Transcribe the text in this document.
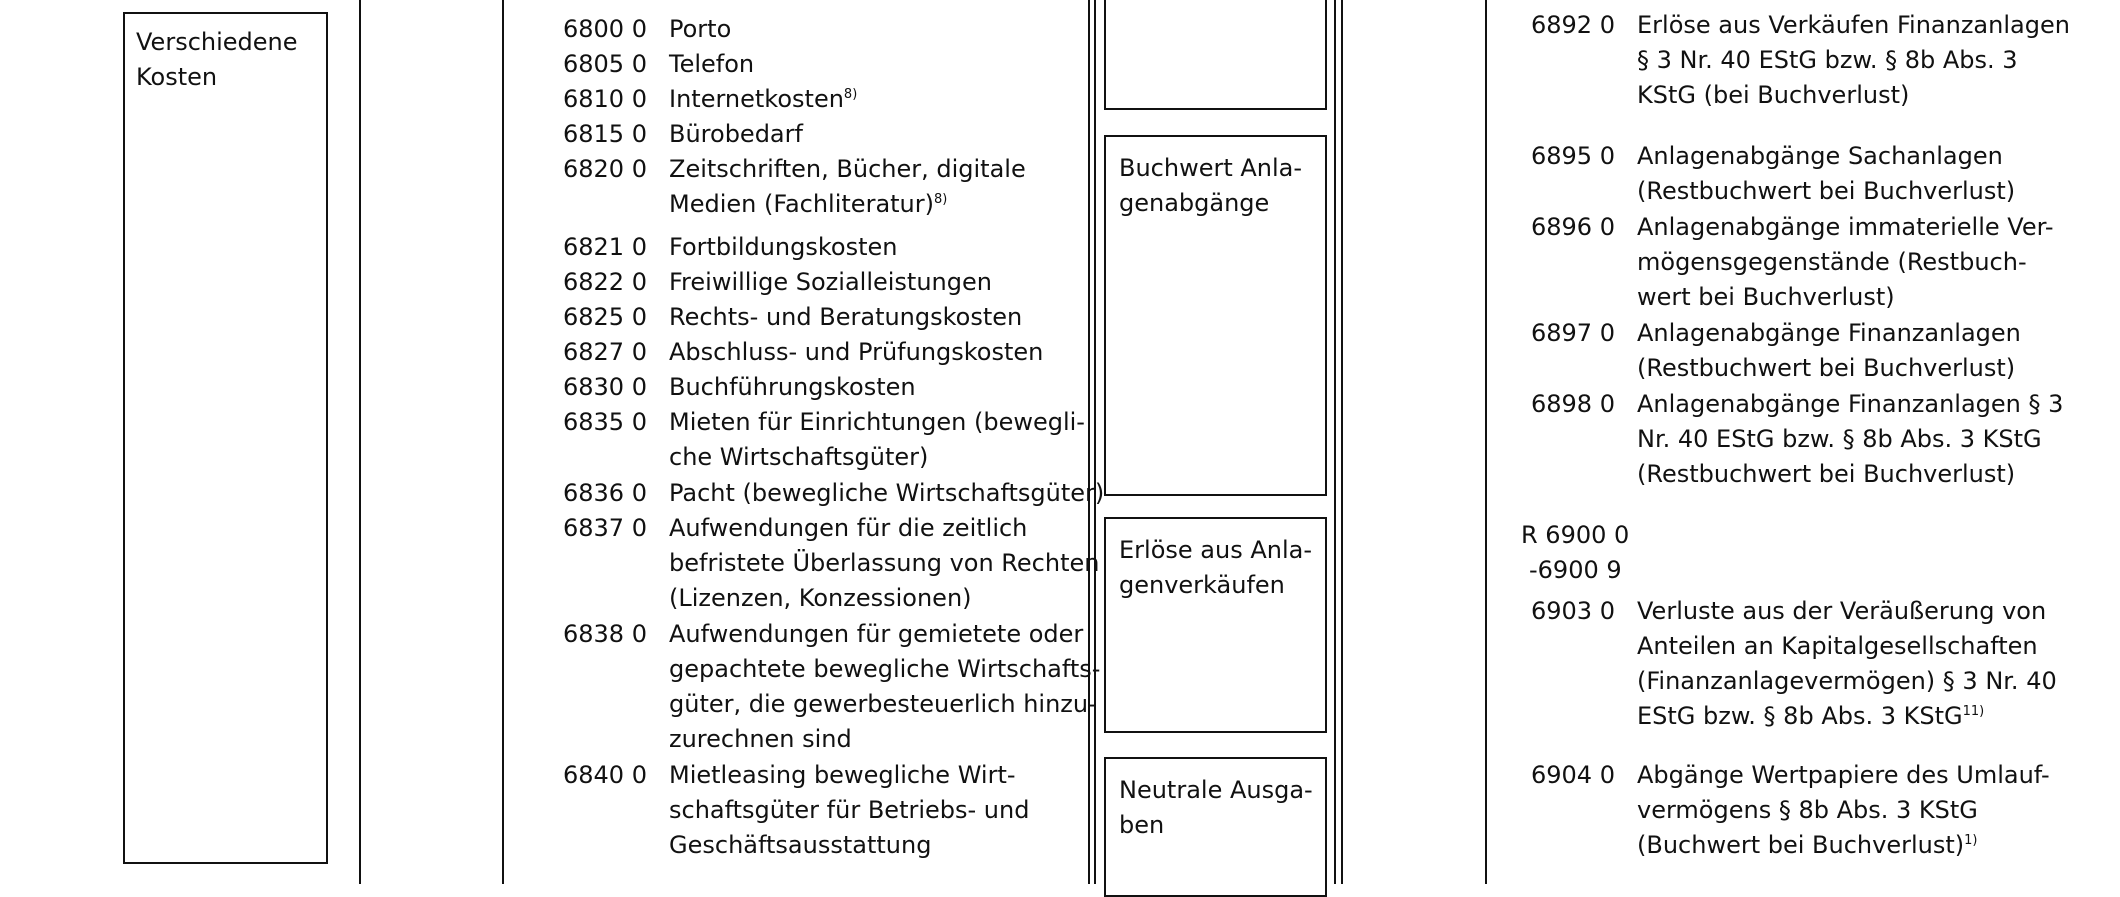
Verschiedene
Kosten
Buchwert Anla-
genabgänge
Erlöse aus Anla-
genverkäufen
Neutrale Ausga-
ben
6800 0 Porto
6805 0 Telefon
6810 0 Internetkosten$^{8)}$
6815 0 Bürobedarf
6820 0 Zeitschriften, Bücher, digitale
Medien (Fachliteratur)$^{8)}$
6821 0 Fortbildungskosten
6822 0 Freiwillige Sozialleistungen
6825 0 Rechts- und Beratungskosten
6827 0 Abschluss- und Prüfungskosten
6830 0 Buchführungskosten
6835 0 Mieten für Einrichtungen (bewegli-
che Wirtschaftsgüter)
6836 0 Pacht (bewegliche Wirtschaftsgüter)
6837 0 Aufwendungen für die zeitlich
befristete Überlassung von Rechten
(Lizenzen, Konzessionen)
6838 0 Aufwendungen für gemietete oder
gepachtete bewegliche Wirtschafts-
güter, die gewerbesteuerlich hinzu-
zurechnen sind
6840 0 Mietleasing bewegliche Wirt-
schaftsgüter für Betriebs- und
Geschäftsausstattung
6892 0 Erlöse aus Verkäufen Finanzanlagen
§ 3 Nr. 40 EStG bzw. § 8b Abs. 3
KStG (bei Buchverlust)
6895 0 Anlagenabgänge Sachanlagen
(Restbuchwert bei Buchverlust)
6896 0 Anlagenabgänge immaterielle Ver-
mögensgegenstände (Restbuch-
wert bei Buchverlust)
6897 0 Anlagenabgänge Finanzanlagen
(Restbuchwert bei Buchverlust)
6898 0 Anlagenabgänge Finanzanlagen § 3
Nr. 40 EStG bzw. § 8b Abs. 3 KStG
(Restbuchwert bei Buchverlust)
R 6900 0
-6900 9
6903 0 Verluste aus der Veräußerung von
Anteilen an Kapitalgesellschaften
(Finanzanlagevermögen) § 3 Nr. 40
EStG bzw. § 8b Abs. 3 KStG$^{11)}$
6904 0 Abgänge Wertpapiere des Umlauf-
vermögens § 8b Abs. 3 KStG
(Buchwert bei Buchverlust)$^{1)}$
